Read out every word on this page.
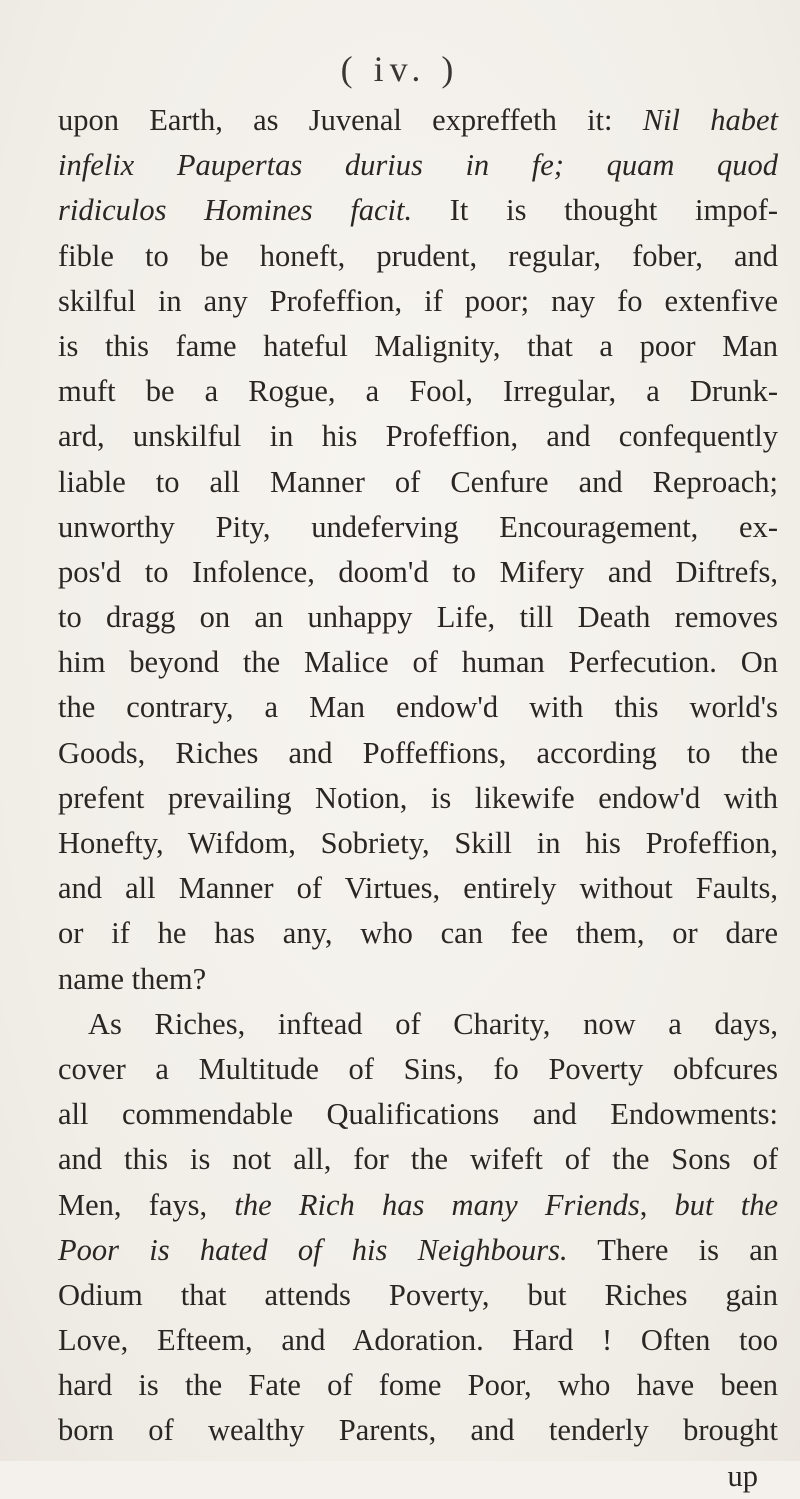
( iv. )
upon Earth, as Juvenal expreffeth it: Nil habet
infelix Paupertas durius in fe; quam quod
ridiculos Homines facit. It is thought impof-
fible to be honeft, prudent, regular, fober, and
skilful in any Profeffion, if poor; nay fo extenfive
is this fame hateful Malignity, that a poor Man
muft be a Rogue, a Fool, Irregular, a Drunk-
ard, unskilful in his Profeffion, and confequently
liable to all Manner of Cenfure and Reproach;
unworthy Pity, undeferving Encouragement, ex-
pos'd to Infolence, doom'd to Mifery and Diftrefs,
to dragg on an unhappy Life, till Death removes
him beyond the Malice of human Perfecution. On
the contrary, a Man endow'd with this world's
Goods, Riches and Poffeffions, according to the
prefent prevailing Notion, is likewife endow'd with
Honefty, Wifdom, Sobriety, Skill in his Profeffion,
and all Manner of Virtues, entirely without Faults,
or if he has any, who can fee them, or dare
name them?
As Riches, inftead of Charity, now a days,
cover a Multitude of Sins, fo Poverty obfcures
all commendable Qualifications and Endowments:
and this is not all, for the wifeft of the Sons of
Men, fays, the Rich has many Friends, but the
Poor is hated of his Neighbours. There is an
Odium that attends Poverty, but Riches gain
Love, Efteem, and Adoration. Hard ! Often too
hard is the Fate of fome Poor, who have been
born of wealthy Parents, and tenderly brought
up
